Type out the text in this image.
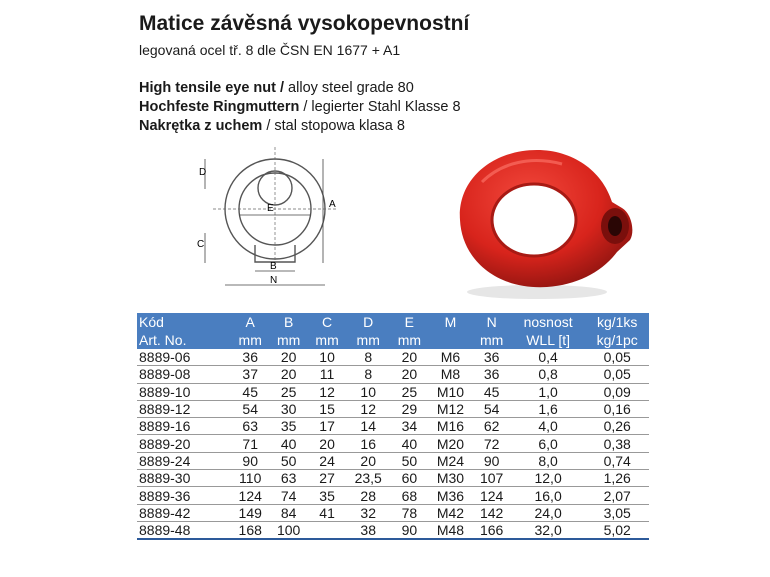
Matice závěsná vysokopevnostní
legovaná ocel tř. 8 dle ČSN EN 1677 + A1
High tensile eye nut / alloy steel grade 80
Hochfeste Ringmuttern / legierter Stahl Klasse 8
Nakrętka z uchem / stal stopowa klasa 8
D
E	A
C
B
N
Kód	A	B	C	D	E	M	N	nosnost	kg/1ks
Art. No.	mm	mm	mm	mm	mm		mm	WLL [t]	kg/1pc
8889-06	36	20	10	8	20	M6	36	0,4	0,05
8889-08	37	20	11	8	20	M8	36	0,8	0,05
8889-10	45	25	12	10	25	M10	45	1,0	0,09
8889-12	54	30	15	12	29	M12	54	1,6	0,16
8889-16	63	35	17	14	34	M16	62	4,0	0,26
8889-20	71	40	20	16	40	M20	72	6,0	0,38
8889-24	90	50	24	20	50	M24	90	8,0	0,74
8889-30	110	63	27	23,5	60	M30	107	12,0	1,26
8889-36	124	74	35	28	68	M36	124	16,0	2,07
8889-42	149	84	41	32	78	M42	142	24,0	3,05
8889-48	168	100		38	90	M48	166	32,0	5,02
